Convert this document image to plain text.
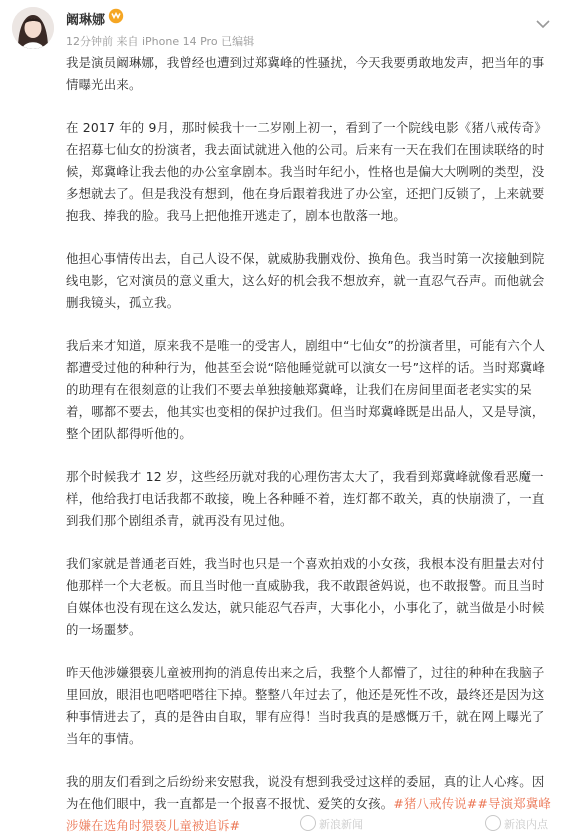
阚琳娜
12分钟前 来自 iPhone 14 Pro 已编辑

我是演员阚琳娜，我曾经也遭到过郑冀峰的性骚扰，今天我要勇敢地发声，把当年的事情曝光出来。

在 2017 年的 9月，那时候我十一二岁刚上初一，看到了一个院线电影《猪八戒传奇》在招募七仙女的扮演者，我去面试就进入他的公司。后来有一天在我们在围读联络的时候，郑冀峰让我去他的办公室拿剧本。我当时年纪小，性格也是偏大大咧咧的类型，没多想就去了。但是我没有想到，他在身后跟着我进了办公室，还把门反锁了，上来就要抱我、捧我的脸。我马上把他推开逃走了，剧本也散落一地。

他担心事情传出去，自己人设不保，就威胁我删戏份、换角色。我当时第一次接触到院线电影，它对演员的意义重大，这么好的机会我不想放弃，就一直忍气吞声。而他就会删我镜头，孤立我。

我后来才知道，原来我不是唯一的受害人，剧组中“七仙女”的扮演者里，可能有六个人都遭受过他的种种行为，他甚至会说“陪他睡觉就可以演女一号”这样的话。当时郑冀峰的助理有在很刻意的让我们不要去单独接触郑冀峰，让我们在房间里面老老实实的呆着，哪都不要去，他其实也变相的保护过我们。但当时郑冀峰既是出品人，又是导演，整个团队都得听他的。

那个时候我才 12 岁，这些经历就对我的心理伤害太大了，我看到郑冀峰就像看恶魔一样，他给我打电话我都不敢接，晚上各种睡不着，连灯都不敢关，真的快崩溃了，一直到我们那个剧组杀青，就再没有见过他。

我们家就是普通老百姓，我当时也只是一个喜欢拍戏的小女孩，我根本没有胆量去对付他那样一个大老板。而且当时他一直威胁我，我不敢跟爸妈说，也不敢报警。而且当时自媒体也没有现在这么发达，就只能忍气吞声，大事化小，小事化了，就当做是小时候的一场噩梦。

昨天他涉嫌猥亵儿童被刑拘的消息传出来之后，我整个人都懵了，过往的种种在我脑子里回放，眼泪也吧嗒吧嗒往下掉。整整八年过去了，他还是死性不改，最终还是因为这种事情进去了，真的是咎由自取，罪有应得！当时我真的是感慨万千，就在网上曝光了当年的事情。

我的朋友们看到之后纷纷来安慰我，说没有想到我受过这样的委屈，真的让人心疼。因为在他们眼中，我一直都是一个报喜不报忧、爱笑的女孩。#猪八戒传说##导演郑冀峰涉嫌在选角时猥亵儿童被追诉#	新浪新闻	新浪内点
